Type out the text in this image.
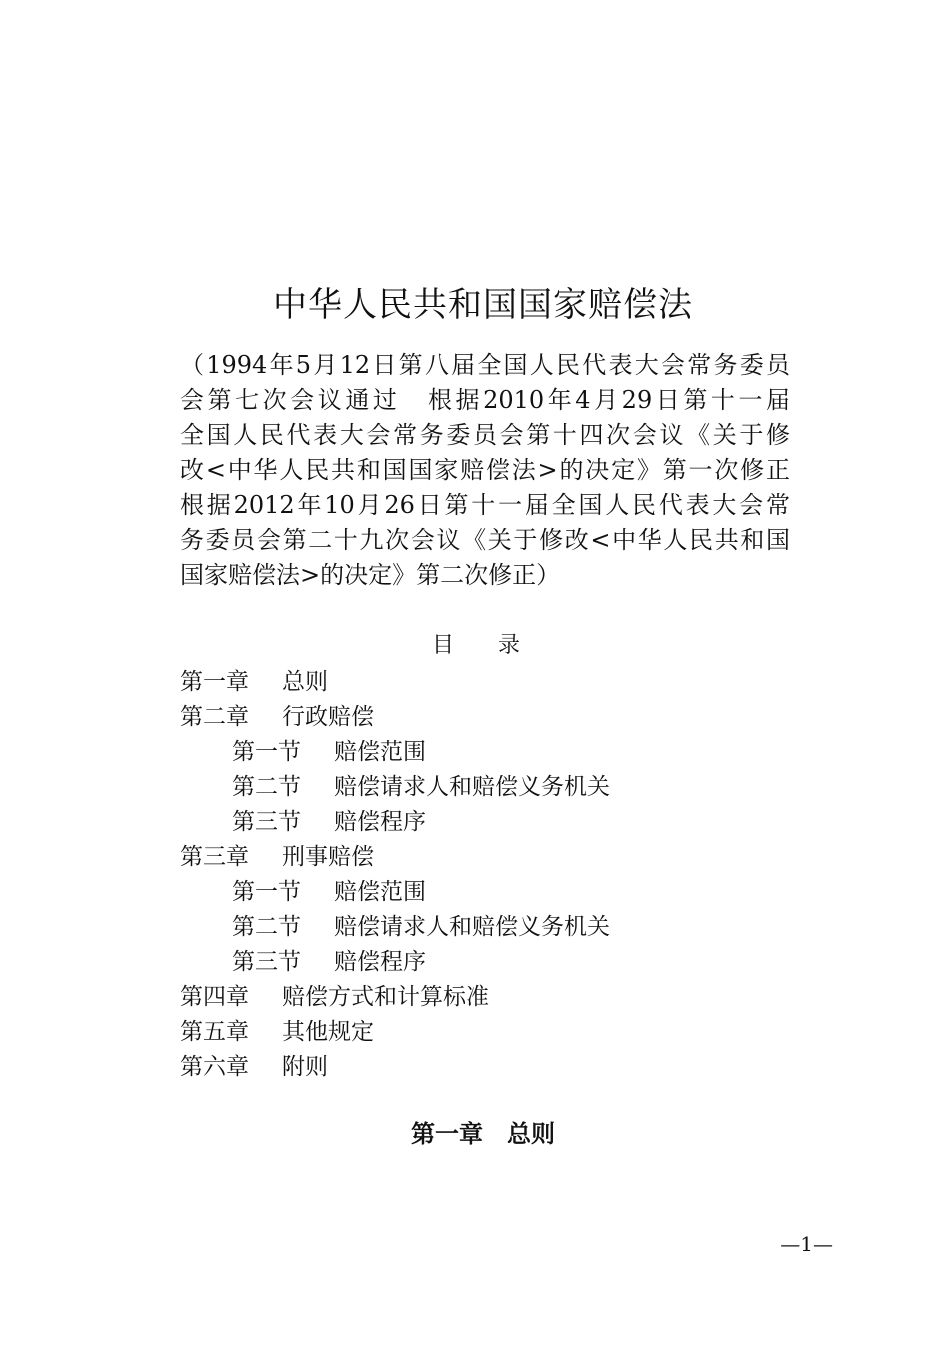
中华人民共和国国家赔偿法
（1994年5月12日第八届全国人民代表大会常务委员
会第七次会议通过　根据2010年4月29日第十一届
全国人民代表大会常务委员会第十四次会议《关于修
改<中华人民共和国国家赔偿法>的决定》第一次修正
根据2012年10月26日第十一届全国人民代表大会常
务委员会第二十九次会议《关于修改<中华人民共和国
国家赔偿法>的决定》第二次修正）
目　　录
第一章 总则
第二章 行政赔偿
第一节 赔偿范围
第二节 赔偿请求人和赔偿义务机关
第三节 赔偿程序
第三章 刑事赔偿
第一节 赔偿范围
第二节 赔偿请求人和赔偿义务机关
第三节 赔偿程序
第四章 赔偿方式和计算标准
第五章 其他规定
第六章 附则
第一章　总则
—1—
